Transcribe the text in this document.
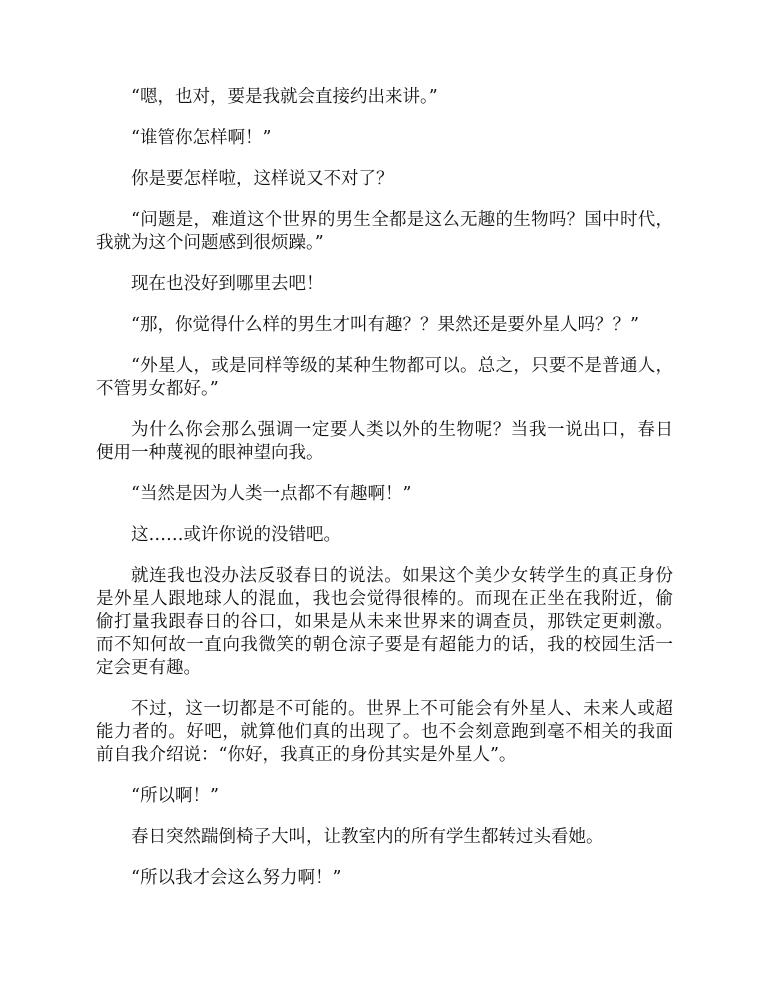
“嗯，也对，要是我就会直接约出来讲。”

“谁管你怎样啊！”

你是要怎样啦，这样说又不对了？

“问题是，难道这个世界的男生全都是这么无趣的生物吗？国中时代，我就为这个问题感到很烦躁。”

现在也没好到哪里去吧！

“那，你觉得什么样的男生才叫有趣？？果然还是要外星人吗？？”

“外星人，或是同样等级的某种生物都可以。总之，只要不是普通人，不管男女都好。”

为什么你会那么强调一定要人类以外的生物呢？当我一说出口，春日便用一种蔑视的眼神望向我。

“当然是因为人类一点都不有趣啊！”

这……或许你说的没错吧。

就连我也没办法反驳春日的说法。如果这个美少女转学生的真正身份是外星人跟地球人的混血，我也会觉得很棒的。而现在正坐在我附近，偷偷打量我跟春日的谷口，如果是从未来世界来的调查员，那铁定更刺激。而不知何故一直向我微笑的朝仓涼子要是有超能力的话，我的校园生活一定会更有趣。

不过，这一切都是不可能的。世界上不可能会有外星人、未来人或超能力者的。好吧，就算他们真的出现了。也不会刻意跑到毫不相关的我面前自我介绍说：“你好，我真正的身份其实是外星人”。

“所以啊！”

春日突然踹倒椅子大叫，让教室内的所有学生都转过头看她。

“所以我才会这么努力啊！”
